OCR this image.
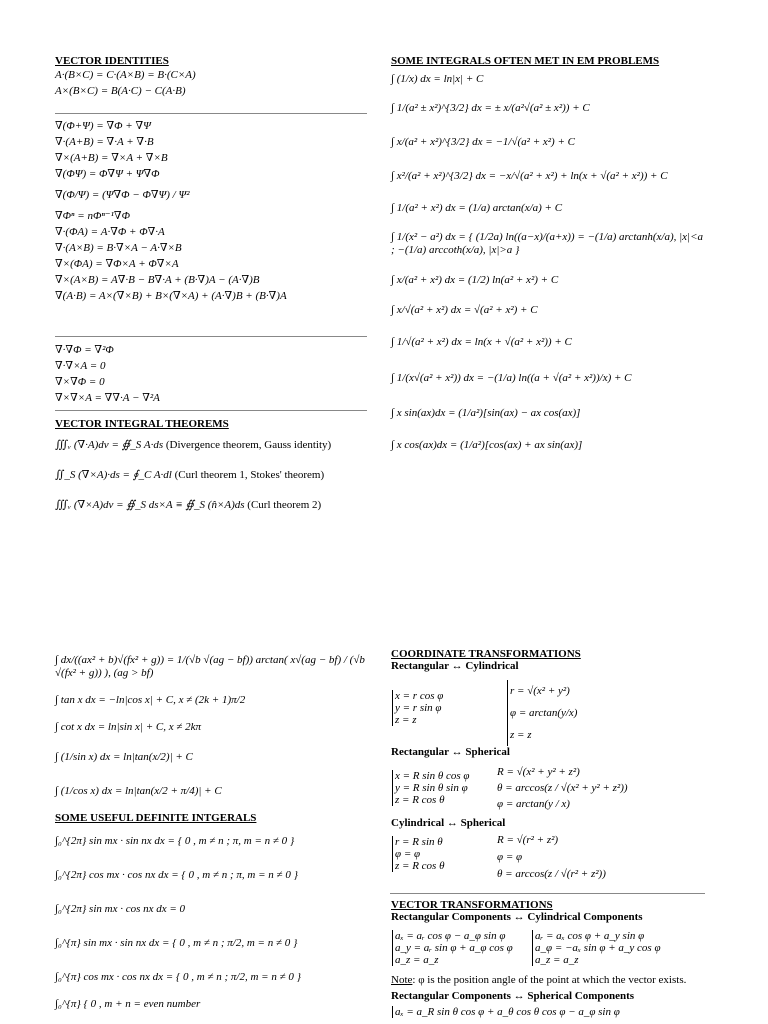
VECTOR IDENTITIES
A·(B×C) = C·(A×B) = B·(C×A)
A×(B×C) = B(A·C) − C(A·B)
∇(Φ+Ψ) = ∇Φ + ∇Ψ
∇·(A+B) = ∇·A + ∇·B
∇×(A+B) = ∇×A + ∇×B
∇(ΦΨ) = Φ∇Ψ + Ψ∇Φ
∇(Φ/Ψ) = (Ψ∇Φ − Φ∇Ψ) / Ψ²
∇Φⁿ = nΦⁿ⁻¹∇Φ
∇·(ΦA) = A·∇Φ + Φ∇·A
∇·(A×B) = B·∇×A − A·∇×B
∇×(ΦA) = ∇Φ×A + Φ∇×A
∇×(A×B) = A∇·B − B∇·A + (B·∇)A − (A·∇)B
∇(A·B) = A×(∇×B) + B×(∇×A) + (A·∇)B + (B·∇)A
∇·∇Φ = ∇²Φ
∇·∇×A = 0
∇×∇Φ = 0
∇×∇×A = ∇∇·A − ∇²A
VECTOR INTEGRAL THEOREMS
∭ᵥ (∇·A)dv = ∯_S A·ds (Divergence theorem, Gauss identity)
∬_S (∇×A)·ds = ∮_C A·dl (Curl theorem 1, Stokes' theorem)
∭ᵥ (∇×A)dv = ∯_S ds×A ≡ ∯_S (n̂×A)ds (Curl theorem 2)
SOME INTEGRALS OFTEN MET IN EM PROBLEMS
∫ (1/x) dx = ln|x| + C
∫ 1/(a² ± x²)^{3/2} dx = ± x/(a²√(a² ± x²)) + C
∫ x/(a² + x²)^{3/2} dx = −1/√(a² + x²) + C
∫ x²/(a² + x²)^{3/2} dx = −x/√(a² + x²) + ln(x + √(a² + x²)) + C
∫ 1/(a² + x²) dx = (1/a) arctan(x/a) + C
∫ 1/(x² − a²) dx = { (1/2a) ln((a−x)/(a+x)) = −(1/a) arctanh(x/a), |x|<a ; −(1/a) arccoth(x/a), |x|>a }
∫ x/(a² + x²) dx = (1/2) ln(a² + x²) + C
∫ x/√(a² + x²) dx = √(a² + x²) + C
∫ 1/√(a² + x²) dx = ln(x + √(a² + x²)) + C
∫ 1/(x√(a² + x²)) dx = −(1/a) ln((a + √(a² + x²))/x) + C
∫ x sin(ax)dx = (1/a²)[sin(ax) − ax cos(ax)]
∫ x cos(ax)dx = (1/a²)[cos(ax) + ax sin(ax)]
∫ dx/((ax² + b)√(fx² + g)) = 1/(√b √(ag − bf)) arctan( x√(ag − bf) / (√b √(fx² + g)) ), (ag > bf)
∫ tan x dx = −ln|cos x| + C, x ≠ (2k + 1)π/2
∫ cot x dx = ln|sin x| + C, x ≠ 2kπ
∫ (1/sin x) dx = ln|tan(x/2)| + C
∫ (1/cos x) dx = ln|tan(x/2 + π/4)| + C
SOME USEFUL DEFINITE INTGERALS
∫₀^{2π} sin mx · sin nx dx = { 0 , m ≠ n ; π, m = n ≠ 0 }
∫₀^{2π} cos mx · cos nx dx = { 0 , m ≠ n ; π, m = n ≠ 0 }
∫₀^{2π} sin mx · cos nx dx = 0
∫₀^{π} sin mx · sin nx dx = { 0 , m ≠ n ; π/2, m = n ≠ 0 }
∫₀^{π} cos mx · cos nx dx = { 0 , m ≠ n ; π/2, m = n ≠ 0 }
∫₀^{π} { 0 , m + n = even number
COORDINATE TRANSFORMATIONS
Rectangular ↔ Cylindrical
x = r cos φ
y = r sin φ
z = z
r = √(x² + y²)
φ = arctan(y/x)
z = z
Rectangular ↔ Spherical
x = R sin θ cos φ
y = R sin θ sin φ
z = R cos θ
R = √(x² + y² + z²)
θ = arccos(z / √(x² + y² + z²))
φ = arctan(y / x)
Cylindrical ↔ Spherical
r = R sin θ
φ = φ
z = R cos θ
R = √(r² + z²)
φ = φ
θ = arccos(z / √(r² + z²))
VECTOR TRANSFORMATIONS
Rectangular Components ↔ Cylindrical Components
aₓ = aᵣ cos φ − a_φ sin φ
a_y = aᵣ sin φ + a_φ cos φ
a_z = a_z
aᵣ = aₓ cos φ + a_y sin φ
a_φ = −aₓ sin φ + a_y cos φ
a_z = a_z
Note: φ is the position angle of the point at which the vector exists.
Rectangular Components ↔ Spherical Components
aₓ = a_R sin θ cos φ + a_θ cos θ cos φ − a_φ sin φ
